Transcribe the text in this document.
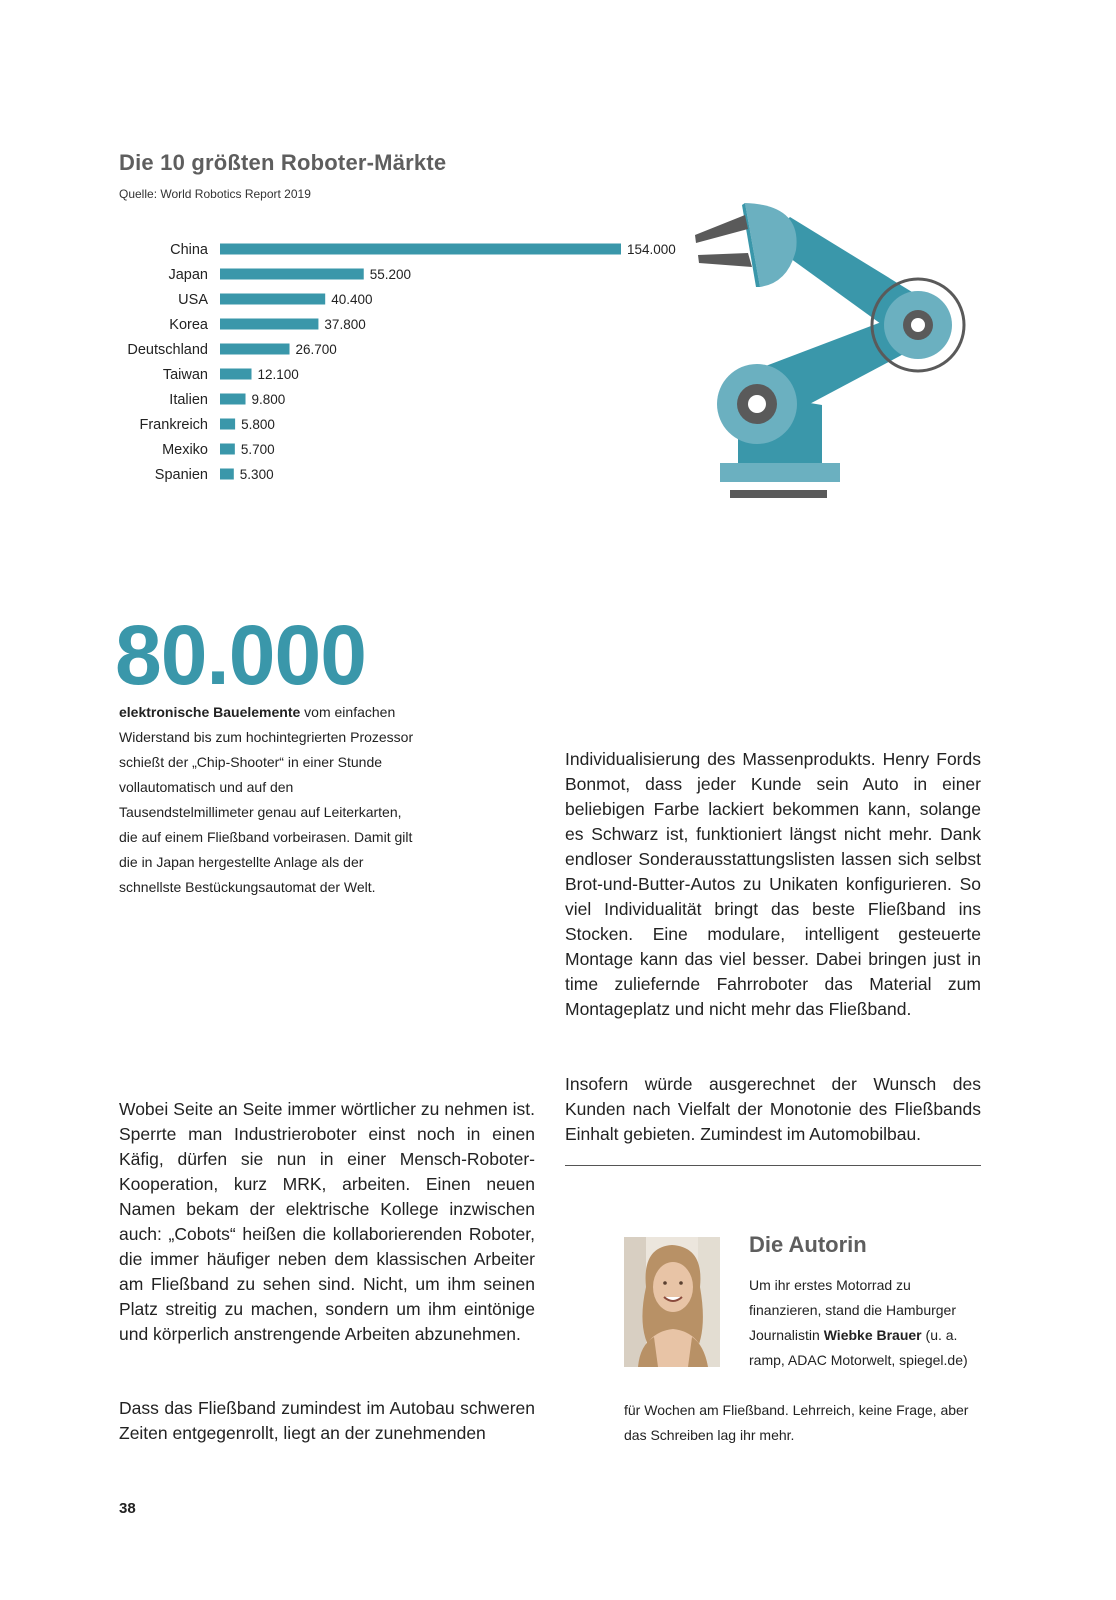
Die 10 größten Roboter-Märkte
Quelle: World Robotics Report 2019
China	154.000
Japan	55.200
USA	40.400
Korea	37.800
Deutschland	26.700
Taiwan	12.100
Italien	9.800
Frankreich 5.800
Mexiko 5.700
Spanien 5.300
80.000
elektronische Bauelemente vom einfachen Widerstand bis zum hochintegrierten Prozessor schießt der „Chip-Shooter“ in einer Stunde vollautomatisch und auf den Tausendstelmillimeter genau auf Leiterkarten, die auf einem Fließband vorbeirasen. Damit gilt die in Japan hergestellte Anlage als der schnellste Bestückungsautomat der Welt.
Wobei Seite an Seite immer wörtlicher zu nehmen ist. Sperrte man Industrieroboter einst noch in einen Käfig, dürfen sie nun in einer Mensch-Roboter-Kooperation, kurz MRK, arbeiten. Einen neuen Namen bekam der elektrische Kollege inzwischen auch: „Cobots“ heißen die kollaborierenden Roboter, die immer häufiger neben dem klassischen Arbeiter am Fließband zu sehen sind. Nicht, um ihm seinen Platz streitig zu machen, sondern um ihm eintönige und körperlich anstrengende Arbeiten abzunehmen.
Dass das Fließband zumindest im Autobau schweren Zeiten entgegenrollt, liegt an der zunehmenden
Individualisierung des Massenprodukts. Henry Fords Bonmot, dass jeder Kunde sein Auto in einer beliebigen Farbe lackiert bekommen kann, solange es Schwarz ist, funktioniert längst nicht mehr. Dank endloser Sonderausstattungslisten lassen sich selbst Brot-und-Butter-Autos zu Unikaten konfigurieren. So viel Individualität bringt das beste Fließband ins Stocken. Eine modulare, intelligent gesteuerte Montage kann das viel besser. Dabei bringen just in time zuliefernde Fahrroboter das Material zum Montageplatz und nicht mehr das Fließband.
Insofern würde ausgerechnet der Wunsch des Kunden nach Vielfalt der Monotonie des Fließbands Einhalt gebieten. Zumindest im Automobilbau.
Die Autorin
Um ihr erstes Motorrad zu finanzieren, stand die Hamburger Journalistin Wiebke Brauer (u. a. ramp, ADAC Motorwelt, spiegel.de)
für Wochen am Fließband. Lehrreich, keine Frage, aber das Schreiben lag ihr mehr.
38
